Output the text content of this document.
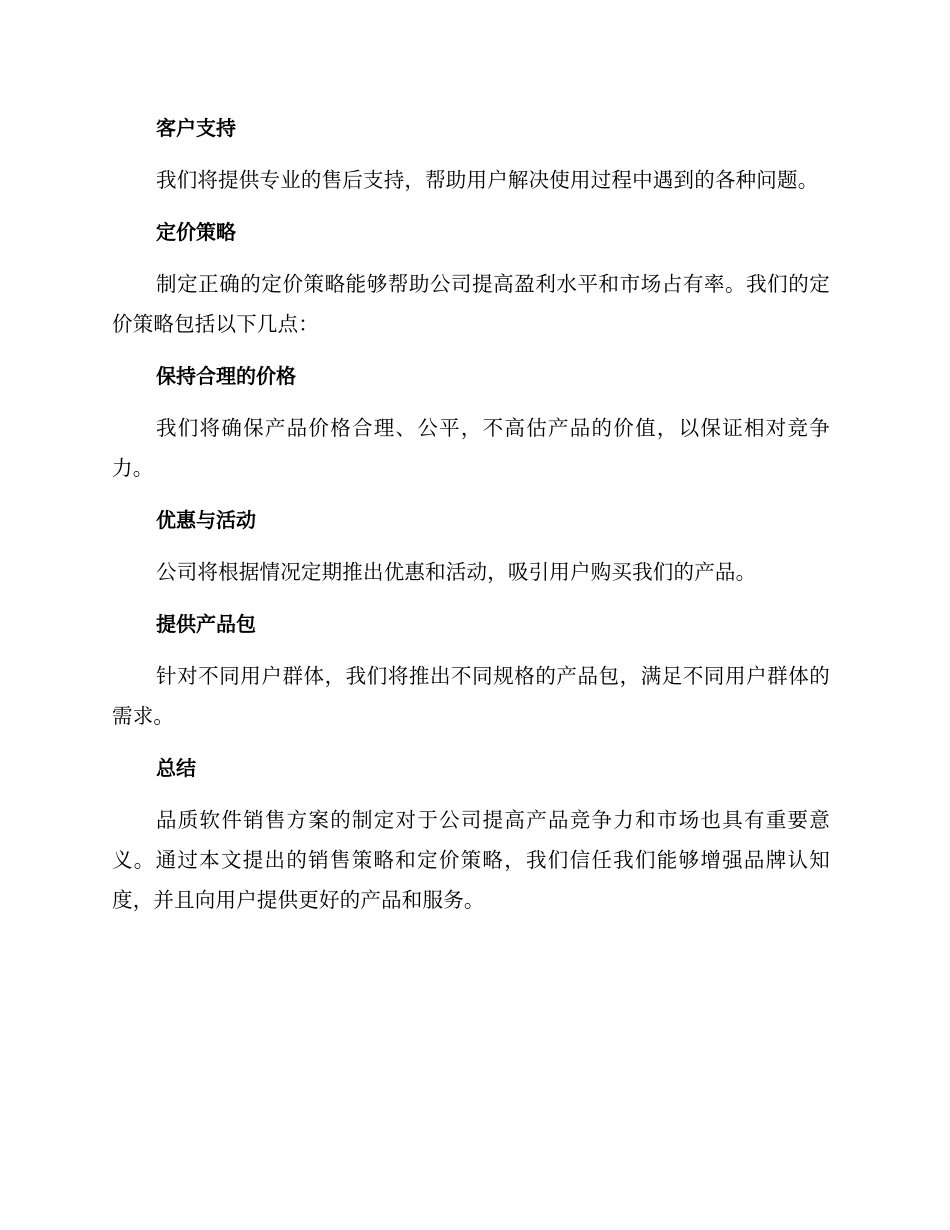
客户支持

我们将提供专业的售后支持，帮助用户解决使用过程中遇到的各种问题。

定价策略

制定正确的定价策略能够帮助公司提高盈利水平和市场占有率。我们的定价策略包括以下几点：

保持合理的价格

我们将确保产品价格合理、公平，不高估产品的价值，以保证相对竞争力。

优惠与活动

公司将根据情况定期推出优惠和活动，吸引用户购买我们的产品。

提供产品包

针对不同用户群体，我们将推出不同规格的产品包，满足不同用户群体的需求。

总结

品质软件销售方案的制定对于公司提高产品竞争力和市场也具有重要意义。通过本文提出的销售策略和定价策略，我们信任我们能够增强品牌认知度，并且向用户提供更好的产品和服务。
